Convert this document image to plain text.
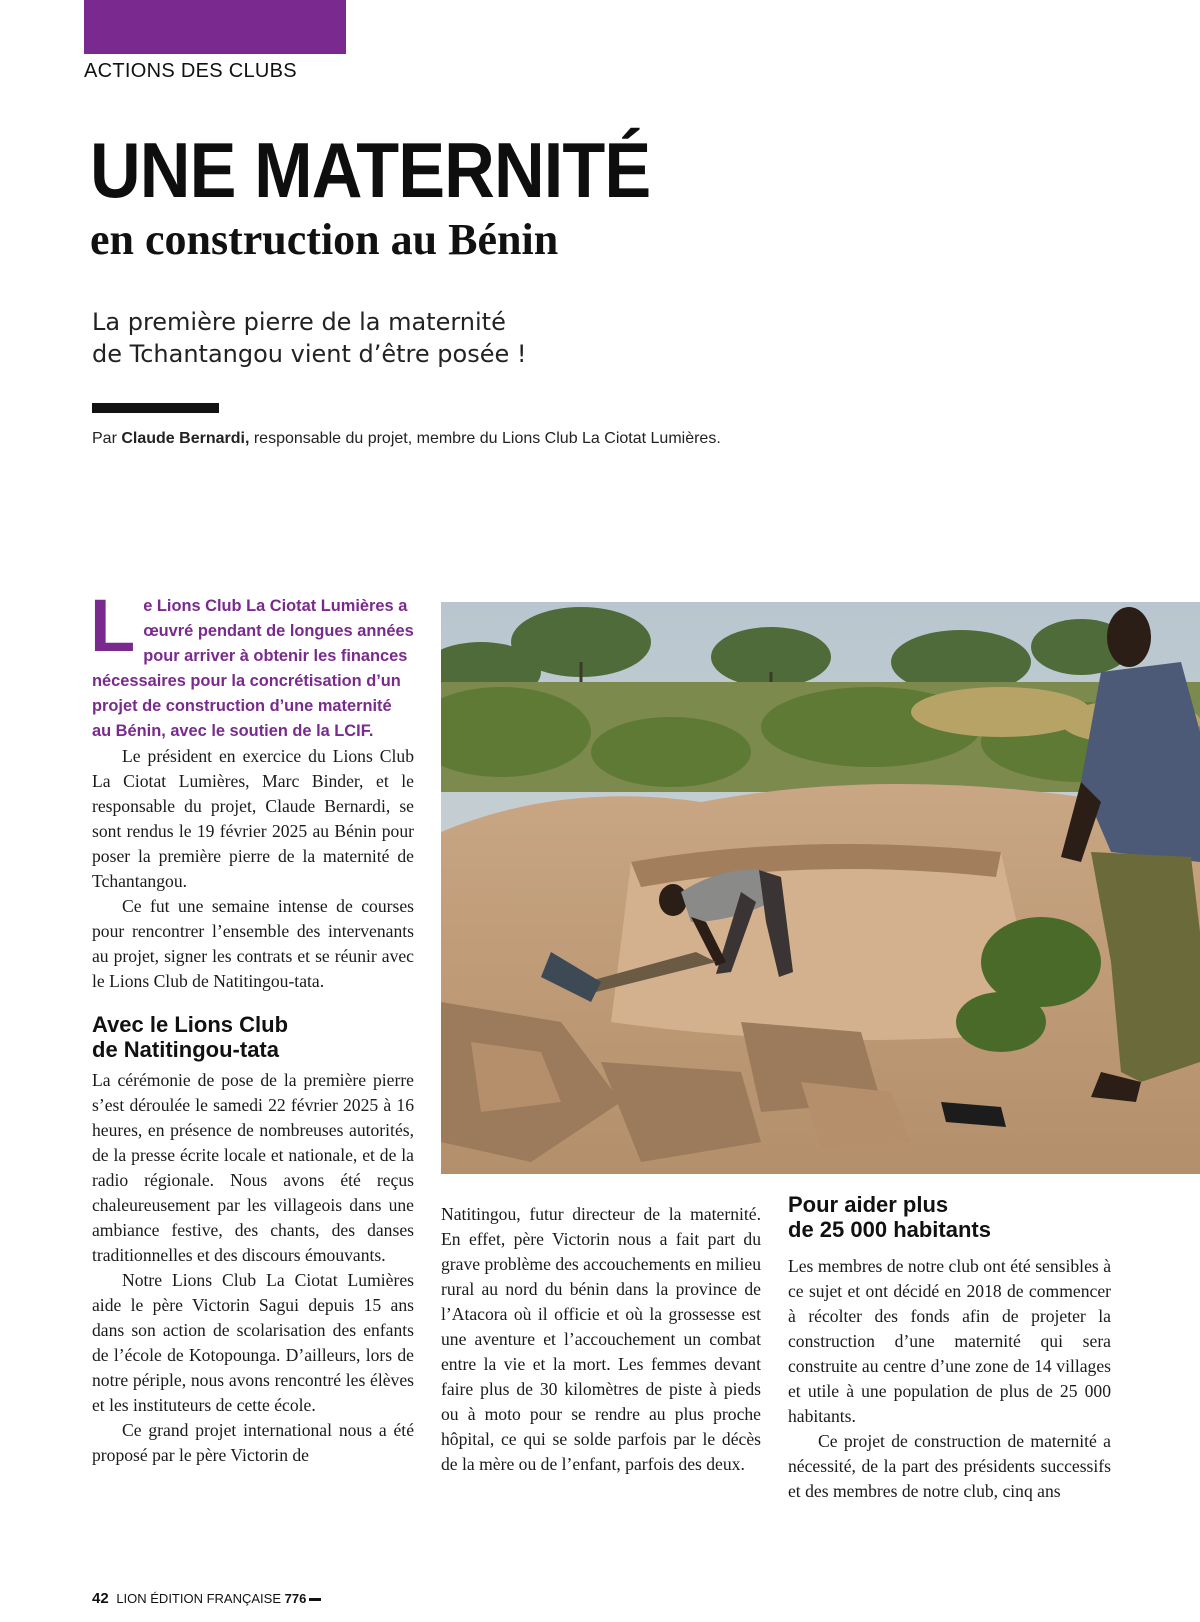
ACTIONS DES CLUBS
UNE MATERNITÉ
en construction au Bénin
La première pierre de la maternité
de Tchantangou vient d’être posée !
Par Claude Bernardi, responsable du projet, membre du Lions Club La Ciotat Lumières.
Le Lions Club La Ciotat Lumières a œuvré pendant de longues années pour arriver à obtenir les finances nécessaires pour la concrétisation d’un projet de construction d’une maternité au Bénin, avec le soutien de la LCIF.

Le président en exercice du Lions Club La Ciotat Lumières, Marc Binder, et le responsable du projet, Claude Bernardi, se sont rendus le 19 février 2025 au Bénin pour poser la première pierre de la maternité de Tchantangou.

Ce fut une semaine intense de courses pour rencontrer l’ensemble des intervenants au projet, signer les contrats et se réunir avec le Lions Club de Natitingou-tata.

Avec le Lions Club
de Natitingou-tata

La cérémonie de pose de la première pierre s’est déroulée le samedi 22 février 2025 à 16 heures, en présence de nombreuses autorités, de la presse écrite locale et nationale, et de la radio régionale. Nous avons été reçus chaleureusement par les villageois dans une ambiance festive, des chants, des danses traditionnelles et des discours émouvants.

Notre Lions Club La Ciotat Lumières aide le père Victorin Sagui depuis 15 ans dans son action de scolarisation des enfants de l’école de Kotopounga. D’ailleurs, lors de notre périple, nous avons rencontré les élèves et les instituteurs de cette école.

Ce grand projet international nous a été proposé par le père Victorin de

Natitingou, futur directeur de la maternité. En effet, père Victorin nous a fait part du grave problème des accouchements en milieu rural au nord du bénin dans la province de l’Atacora où il officie et où la grossesse est une aventure et l’accouchement un combat entre la vie et la mort. Les femmes devant faire plus de 30 kilomètres de piste à pieds ou à moto pour se rendre au plus proche hôpital, ce qui se solde parfois par le décès de la mère ou de l’enfant, parfois des deux.

Pour aider plus
de 25 000 habitants

Les membres de notre club ont été sensibles à ce sujet et ont décidé en 2018 de commencer à récolter des fonds afin de projeter la construction d’une maternité qui sera construite au centre d’une zone de 14 villages et utile à une population de plus de 25 000 habitants.

Ce projet de construction de maternité a nécessité, de la part des présidents successifs et des membres de notre club, cinq ans

42 LION ÉDITION FRANÇAISE 776
